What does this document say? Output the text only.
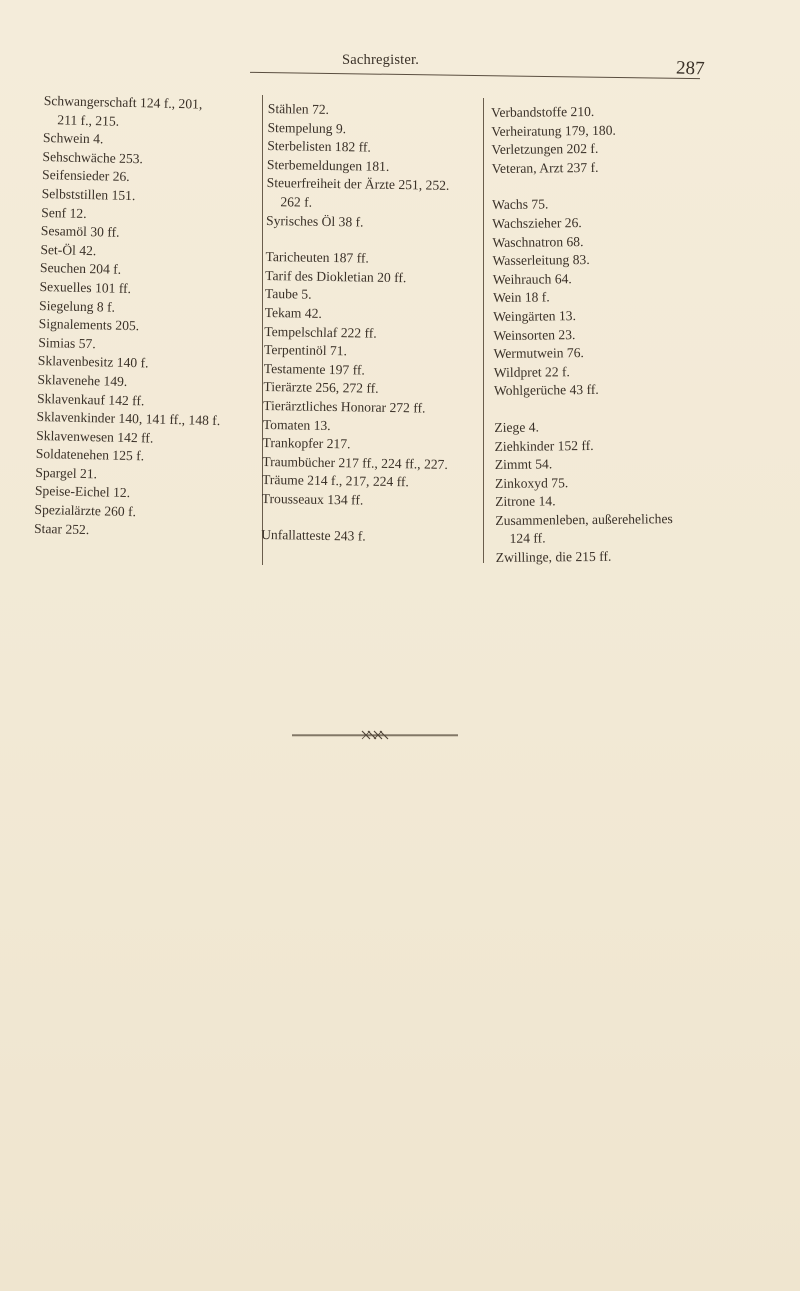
Sachregister.	287
Schwangerschaft 124 f., 201,
211 f., 215.
Schwein 4.
Sehschwäche 253.
Seifensieder 26.
Selbststillen 151.
Senf 12.
Sesamöl 30 ff.
Set-Öl 42.
Seuchen 204 f.
Sexuelles 101 ff.
Siegelung 8 f.
Signalements 205.
Simias 57.
Sklavenbesitz 140 f.
Sklavenehe 149.
Sklavenkauf 142 ff.
Sklavenkinder 140, 141 ff., 148 f.
Sklavenwesen 142 ff.
Soldatenehen 125 f.
Spargel 21.
Speise-Eichel 12.
Spezialärzte 260 f.
Staar 252.
Stählen 72.
Stempelung 9.
Sterbelisten 182 ff.
Sterbemeldungen 181.
Steuerfreiheit der Ärzte 251, 252.
262 f.
Syrisches Öl 38 f.
Taricheuten 187 ff.
Tarif des Diokletian 20 ff.
Taube 5.
Tekam 42.
Tempelschlaf 222 ff.
Terpentinöl 71.
Testamente 197 ff.
Tierärzte 256, 272 ff.
Tierärztliches Honorar 272 ff.
Tomaten 13.
Trankopfer 217.
Traumbücher 217 ff., 224 ff., 227.
Träume 214 f., 217, 224 ff.
Trousseaux 134 ff.
Unfallatteste 243 f.
Verbandstoffe 210.
Verheiratung 179, 180.
Verletzungen 202 f.
Veteran, Arzt 237 f.
Wachs 75.
Wachszieher 26.
Waschnatron 68.
Wasserleitung 83.
Weihrauch 64.
Wein 18 f.
Weingärten 13.
Weinsorten 23.
Wermutwein 76.
Wildpret 22 f.
Wohlgerüche 43 ff.
Ziege 4.
Ziehkinder 152 ff.
Zimmt 54.
Zinkoxyd 75.
Zitrone 14.
Zusammenleben, außereheliches
124 ff.
Zwillinge, die 215 ff.
